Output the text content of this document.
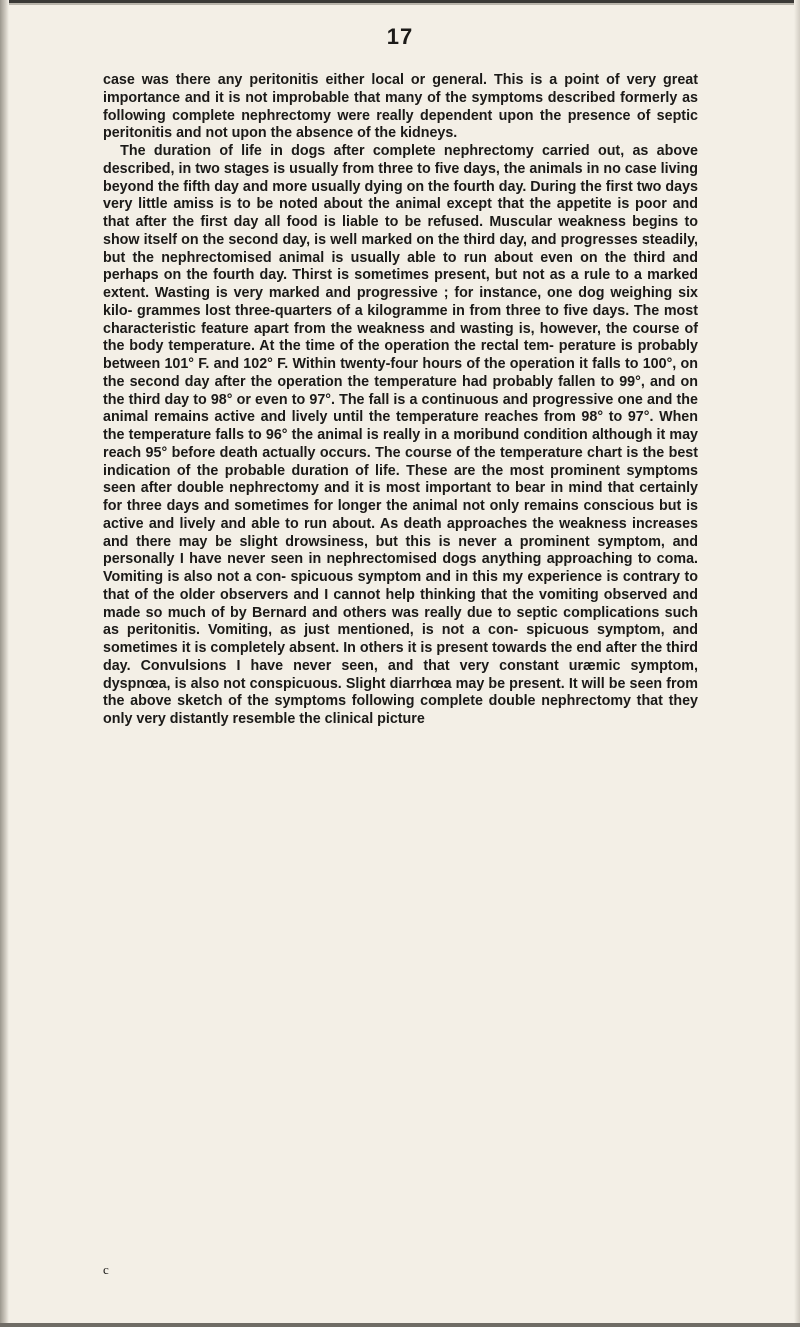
17

case was there any peritonitis either local or general. This is a point of very great importance and it is not improbable that many of the symptoms described formerly as following complete nephrectomy were really dependent upon the presence of septic peritonitis and not upon the absence of the kidneys.

The duration of life in dogs after complete nephrectomy carried out, as above described, in two stages is usually from three to five days, the animals in no case living beyond the fifth day and more usually dying on the fourth day. During the first two days very little amiss is to be noted about the animal except that the appetite is poor and that after the first day all food is liable to be refused. Muscular weakness begins to show itself on the second day, is well marked on the third day, and progresses steadily, but the nephrectomised animal is usually able to run about even on the third and perhaps on the fourth day. Thirst is sometimes present, but not as a rule to a marked extent. Wasting is very marked and progressive ; for instance, one dog weighing six kilo- grammes lost three-quarters of a kilogramme in from three to five days. The most characteristic feature apart from the weakness and wasting is, however, the course of the body temperature. At the time of the operation the rectal tem- perature is probably between 101° F. and 102° F. Within twenty-four hours of the operation it falls to 100°, on the second day after the operation the temperature had probably fallen to 99°, and on the third day to 98° or even to 97°. The fall is a continuous and progressive one and the animal remains active and lively until the temperature reaches from 98° to 97°. When the temperature falls to 96° the animal is really in a moribund condition although it may reach 95° before death actually occurs. The course of the temperature chart is the best indication of the probable duration of life. These are the most prominent symptoms seen after double nephrectomy and it is most important to bear in mind that certainly for three days and sometimes for longer the animal not only remains conscious but is active and lively and able to run about. As death approaches the weakness increases and there may be slight drowsiness, but this is never a prominent symptom, and personally I have never seen in nephrectomised dogs anything approaching to coma. Vomiting is also not a con- spicuous symptom and in this my experience is contrary to that of the older observers and I cannot help thinking that the vomiting observed and made so much of by Bernard and others was really due to septic complications such as peritonitis. Vomiting, as just mentioned, is not a con- spicuous symptom, and sometimes it is completely absent. In others it is present towards the end after the third day. Convulsions I have never seen, and that very constant uræmic symptom, dyspnœa, is also not conspicuous. Slight diarrhœa may be present. It will be seen from the above sketch of the symptoms following complete double nephrectomy that they only very distantly resemble the clinical picture

c
